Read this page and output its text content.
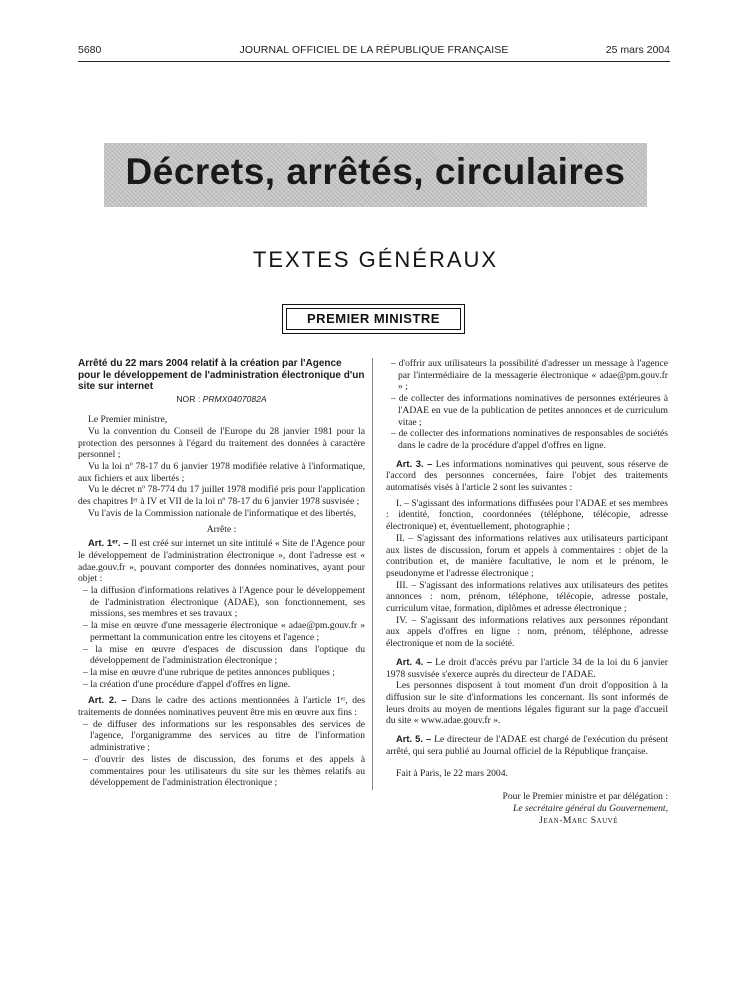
5680	JOURNAL OFFICIEL DE LA RÉPUBLIQUE FRANÇAISE	25 mars 2004
Décrets, arrêtés, circulaires
TEXTES GÉNÉRAUX
PREMIER MINISTRE
Arrêté du 22 mars 2004 relatif à la création par l'Agence pour le développement de l'administration électronique d'un site sur internet
NOR : PRMX0407082A
Le Premier ministre,
Vu la convention du Conseil de l'Europe du 28 janvier 1981 pour la protection des personnes à l'égard du traitement des données à caractère personnel ;
Vu la loi nº 78-17 du 6 janvier 1978 modifiée relative à l'informatique, aux fichiers et aux libertés ;
Vu le décret nº 78-774 du 17 juillet 1978 modifié pris pour l'application des chapitres Iᵉʳ à IV et VII de la loi nº 78-17 du 6 janvier 1978 susvisée ;
Vu l'avis de la Commission nationale de l'informatique et des libertés,
Arrête :
Art. 1ᵉʳ. – Il est créé sur internet un site intitulé « Site de l'Agence pour le développement de l'administration électronique », dont l'adresse est « adae.gouv.fr », pouvant comporter des données nominatives, ayant pour objet :
– la diffusion d'informations relatives à l'Agence pour le développement de l'administration électronique (ADAE), son fonctionnement, ses missions, ses membres et ses travaux ;
– la mise en œuvre d'une messagerie électronique « adae@pm.gouv.fr » permettant la communication entre les citoyens et l'agence ;
– la mise en œuvre d'espaces de discussion dans l'optique du développement de l'administration électronique ;
– la mise en œuvre d'une rubrique de petites annonces publiques ;
– la création d'une procédure d'appel d'offres en ligne.
Art. 2. – Dans le cadre des actions mentionnées à l'article 1ᵉʳ, des traitements de données nominatives peuvent être mis en œuvre aux fins :
– de diffuser des informations sur les responsables des services de l'agence, l'organigramme des services au titre de l'information administrative ;
– d'ouvrir des listes de discussion, des forums et des appels à commentaires pour les utilisateurs du site sur les thèmes relatifs au développement de l'administration électronique ;
– d'offrir aux utilisateurs la possibilité d'adresser un message à l'agence par l'intermédiaire de la messagerie électronique « adae@pm.gouv.fr » ;
– de collecter des informations nominatives de personnes extérieures à l'ADAE en vue de la publication de petites annonces et de curriculum vitae ;
– de collecter des informations nominatives de responsables de sociétés dans le cadre de la procédure d'appel d'offres en ligne.
Art. 3. – Les informations nominatives qui peuvent, sous réserve de l'accord des personnes concernées, faire l'objet des traitements automatisés visés à l'article 2 sont les suivantes :
I. – S'agissant des informations diffusées pour l'ADAE et ses membres : identité, fonction, coordonnées (téléphone, télécopie, adresse électronique) et, éventuellement, photographie ;
II. – S'agissant des informations relatives aux utilisateurs participant aux listes de discussion, forum et appels à commentaires : objet de la contribution et, de manière facultative, le nom et le prénom, le pseudonyme et l'adresse électronique ;
III. – S'agissant des informations relatives aux utilisateurs des petites annonces : nom, prénom, téléphone, télécopie, adresse postale, curriculum vitae, formation, diplômes et adresse électronique ;
IV. – S'agissant des informations relatives aux personnes répondant aux appels d'offres en ligne : nom, prénom, téléphone, adresse électronique et nom de la société.
Art. 4. – Le droit d'accès prévu par l'article 34 de la loi du 6 janvier 1978 susvisée s'exerce auprès du directeur de l'ADAE.
Les personnes disposent à tout moment d'un droit d'opposition à la diffusion sur le site d'informations les concernant. Ils sont informés de leurs droits au moyen de mentions légales figurant sur la page d'accueil du site « www.adae.gouv.fr ».
Art. 5. – Le directeur de l'ADAE est chargé de l'exécution du présent arrêté, qui sera publié au Journal officiel de la République française.
Fait à Paris, le 22 mars 2004.
Pour le Premier ministre et par délégation :
Le secrétaire général du Gouvernement,
Jean-Marc Sauvé
